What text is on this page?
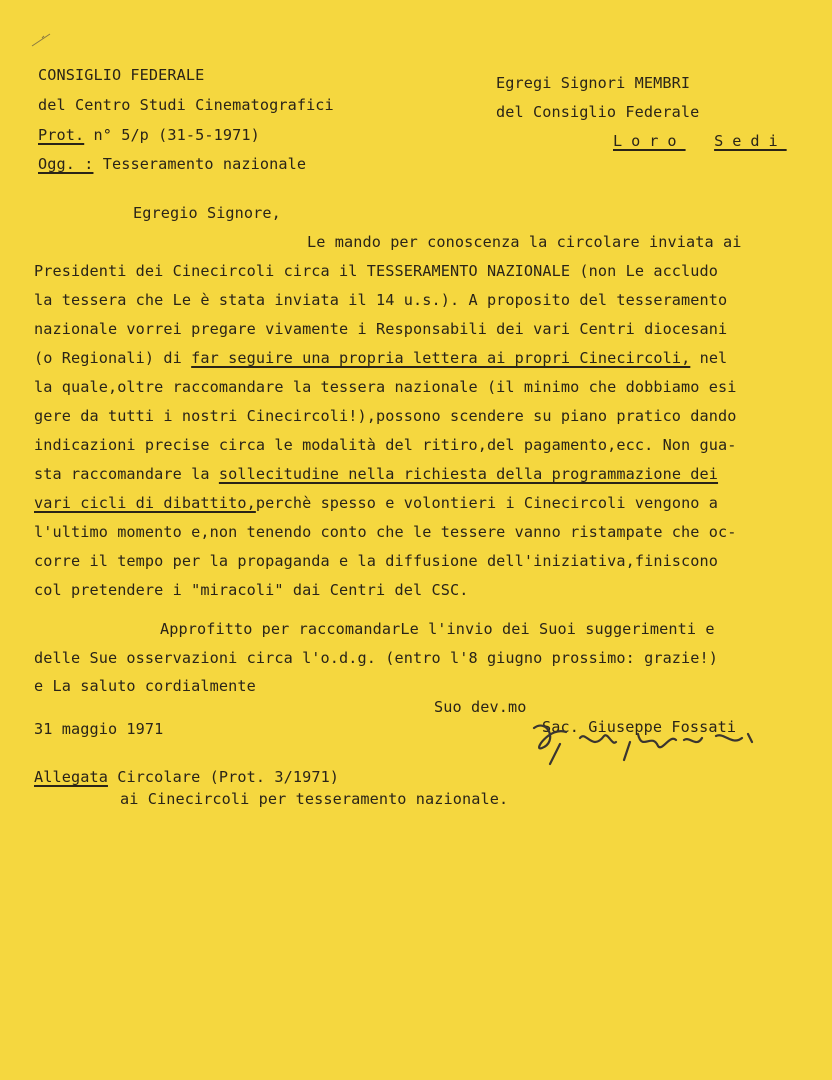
CONSIGLIO FEDERALE
del Centro Studi Cinematografici
Prot. n° 5/p (31-5-1971)
Ogg. : Tesseramento nazionale
Egregi Signori MEMBRI
del Consiglio Federale
Loro Sedi
Egregio Signore,
Le mando per conoscenza la circolare inviata ai
Presidenti dei Cinecircoli circa il TESSERAMENTO NAZIONALE (non Le accludo
la tessera che Le è stata inviata il 14 u.s.). A proposito del tesseramento
nazionale vorrei pregare vivamente i Responsabili dei vari Centri diocesani
(o Regionali) di far seguire una propria lettera ai propri Cinecircoli, nel
la quale,oltre raccomandare la tessera nazionale (il minimo che dobbiamo esi
gere da tutti i nostri Cinecircoli!),possono scendere su piano pratico dando
indicazioni precise circa le modalità del ritiro,del pagamento,ecc. Non gua-
sta raccomandare la sollecitudine nella richiesta della programmazione dei
vari cicli di dibattito,perchè spesso e volontieri i Cinecircoli vengono a
l'ultimo momento e,non tenendo conto che le tessere vanno ristampate che oc-
corre il tempo per la propaganda e la diffusione dell'iniziativa,finiscono
col pretendere i "miracoli" dai Centri del CSC.
Approfitto per raccomandarLe l'invio dei Suoi suggerimenti e
delle Sue osservazioni circa l'o.d.g. (entro l'8 giugno prossimo: grazie!)
e La saluto cordialmente
Suo dev.mo
Sac. Giuseppe Fossati
31 maggio 1971
Allegata Circolare (Prot. 3/1971)
ai Cinecircoli per tesseramento nazionale.
